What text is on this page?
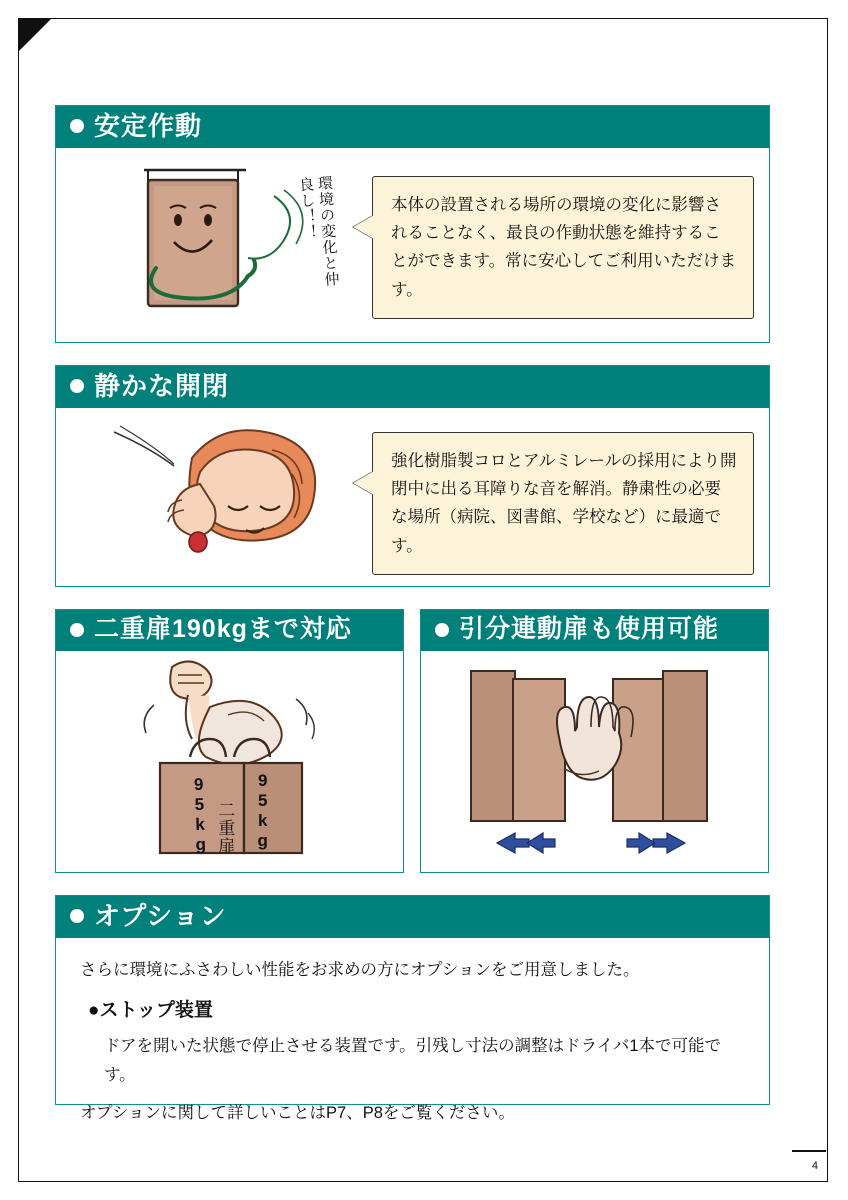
安定作動
環境の変化と仲良し！！	本体の設置される場所の環境の変化に影響されることなく、最良の作動状態を維持することができます。常に安心してご利用いただけます。
静かな開閉
強化樹脂製コロとアルミレールの採用により開閉中に出る耳障りな音を解消。静粛性の必要な場所（病院、図書館、学校など）に最適です。
二重扉190kgまで対応
95kg	95kg
二重扉
引分連動扉も使用可能
オプション
さらに環境にふさわしい性能をお求めの方にオプションをご用意しました。
●ストップ装置
ドアを開いた状態で停止させる装置です。引残し寸法の調整はドライバ1本で可能です。
オプションに関して詳しいことはP7、P8をご覧ください。
4
